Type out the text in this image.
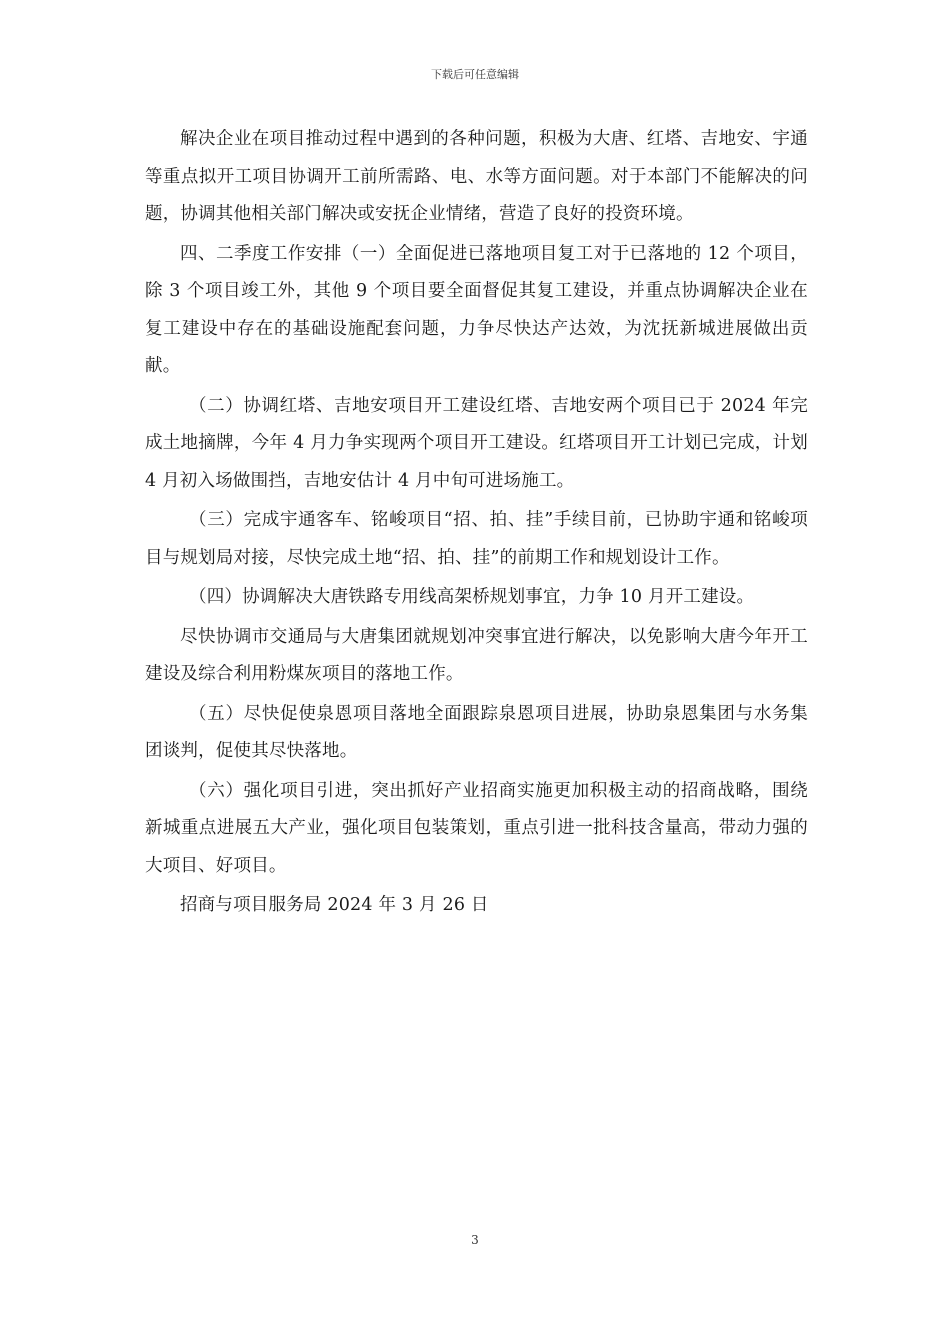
下载后可任意编辑

解决企业在项目推动过程中遇到的各种问题，积极为大唐、红塔、吉地安、宇通等重点拟开工项目协调开工前所需路、电、水等方面问题。对于本部门不能解决的问题，协调其他相关部门解决或安抚企业情绪，营造了良好的投资环境。

四、二季度工作安排（一）全面促进已落地项目复工对于已落地的 12 个项目，除 3 个项目竣工外，其他 9 个项目要全面督促其复工建设，并重点协调解决企业在复工建设中存在的基础设施配套问题，力争尽快达产达效，为沈抚新城进展做出贡献。

（二）协调红塔、吉地安项目开工建设红塔、吉地安两个项目已于 2024 年完成土地摘牌，今年 4 月力争实现两个项目开工建设。红塔项目开工计划已完成，计划 4 月初入场做围挡，吉地安估计 4 月中旬可进场施工。

（三）完成宇通客车、铭峻项目“招、拍、挂”手续目前，已协助宇通和铭峻项目与规划局对接，尽快完成土地“招、拍、挂”的前期工作和规划设计工作。

（四）协调解决大唐铁路专用线高架桥规划事宜，力争 10 月开工建设。

尽快协调市交通局与大唐集团就规划冲突事宜进行解决，以免影响大唐今年开工建设及综合利用粉煤灰项目的落地工作。

（五）尽快促使泉恩项目落地全面跟踪泉恩项目进展，协助泉恩集团与水务集团谈判，促使其尽快落地。

（六）强化项目引进，突出抓好产业招商实施更加积极主动的招商战略，围绕新城重点进展五大产业，强化项目包装策划，重点引进一批科技含量高，带动力强的大项目、好项目。

招商与项目服务局 2024 年 3 月 26 日

3
